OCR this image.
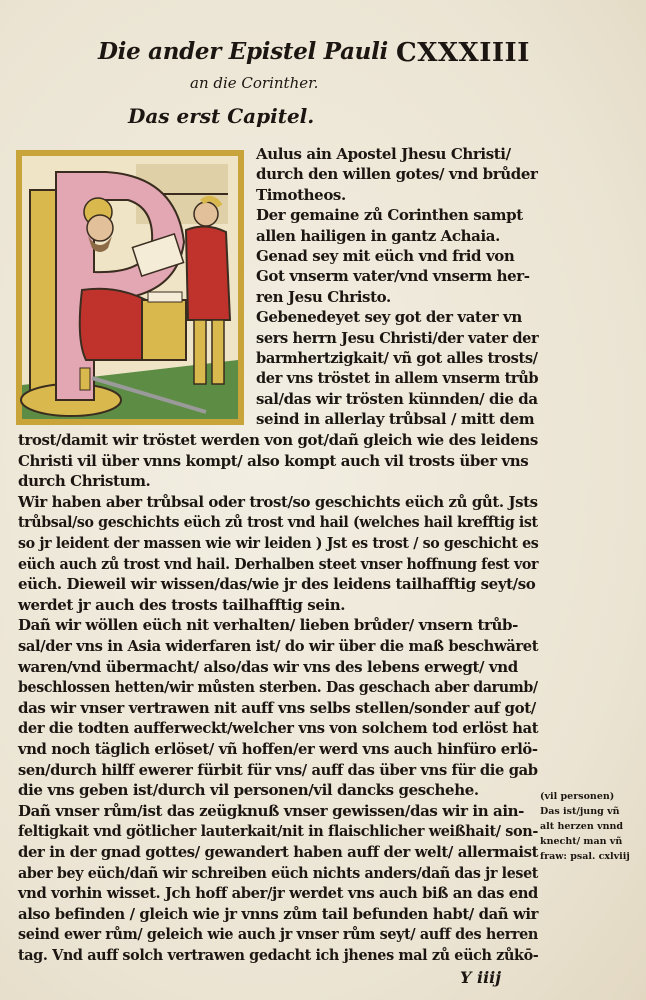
Die ander Epistel Pauli CXXXIIII
an die Corinther.
Das erst Capitel.
Aulus ain Apostel Jhesu Christi/
durch den willen gotes/ vnd brůder
Timotheos.
Der gemaine zů Corinthen sampt
allen hailigen in gantz Achaia.
Genad sey mit eüch vnd frid von
Got vnserm vater/vnd vnserm her-
ren Jesu Christo.
Gebenedeyet sey got der vater vn
sers herrn Jesu Christi/der vater der
barmhertzigkait/ vñ got alles trosts/
der vns tröstet in allem vnserm trůb
sal/das wir trösten künnden/ die da
seind in allerlay trůbsal / mitt dem
trost/damit wir tröstet werden von got/dañ gleich wie des leidens
Christi vil über vnns kompt/ also kompt auch vil trosts über vns
durch Christum.
Wir haben aber trůbsal oder trost/so geschichts eüch zů gůt. Jsts
trůbsal/so geschichts eüch zů trost vnd hail (welches hail krefftig ist
so jr leident der massen wie wir leiden ) Jst es trost / so geschicht es
eüch auch zů trost vnd hail. Derhalben steet vnser hoffnung fest vor
eüch. Dieweil wir wissen/das/wie jr des leidens tailhafftig seyt/so
werdet jr auch des trosts tailhafftig sein.
Dañ wir wöllen eüch nit verhalten/ lieben brůder/ vnsern trůb-
sal/der vns in Asia widerfaren ist/ do wir über die maß beschwäret
waren/vnd übermacht/ also/das wir vns des lebens erwegt/ vnd
beschlossen hetten/wir můsten sterben. Das geschach aber darumb/
das wir vnser vertrawen nit auff vns selbs stellen/sonder auf got/
der die todten aufferweckt/welcher vns von solchem tod erlöst hat
vnd noch täglich erlöset/ vñ hoffen/er werd vns auch hinfüro erlö-
sen/durch hilff ewerer fürbit für vns/ auff das über vns für die gab
die vns geben ist/durch vil personen/vil dancks geschehe.
Dañ vnser rům/ist das zeügknuß vnser gewissen/das wir in ain-
feltigkait vnd götlicher lauterkait/nit in flaischlicher weißhait/ son-
der in der gnad gottes/ gewandert haben auff der welt/ allermaist
aber bey eüch/dañ wir schreiben eüch nichts anders/dañ das jr leset
vnd vorhin wisset. Jch hoff aber/jr werdet vns auch biß an das end
also befinden / gleich wie jr vnns zům tail befunden habt/ dañ wir
seind ewer rům/ geleich wie auch jr vnser rům seyt/ auff des herren
tag. Vnd auff solch vertrawen gedacht ich jhenes mal zů eüch zůkō-
(vil personen)
Das ist/jung vñ
alt herzen vnnd
knecht/ man vñ
fraw: psal. cxlviij
Y iiij
